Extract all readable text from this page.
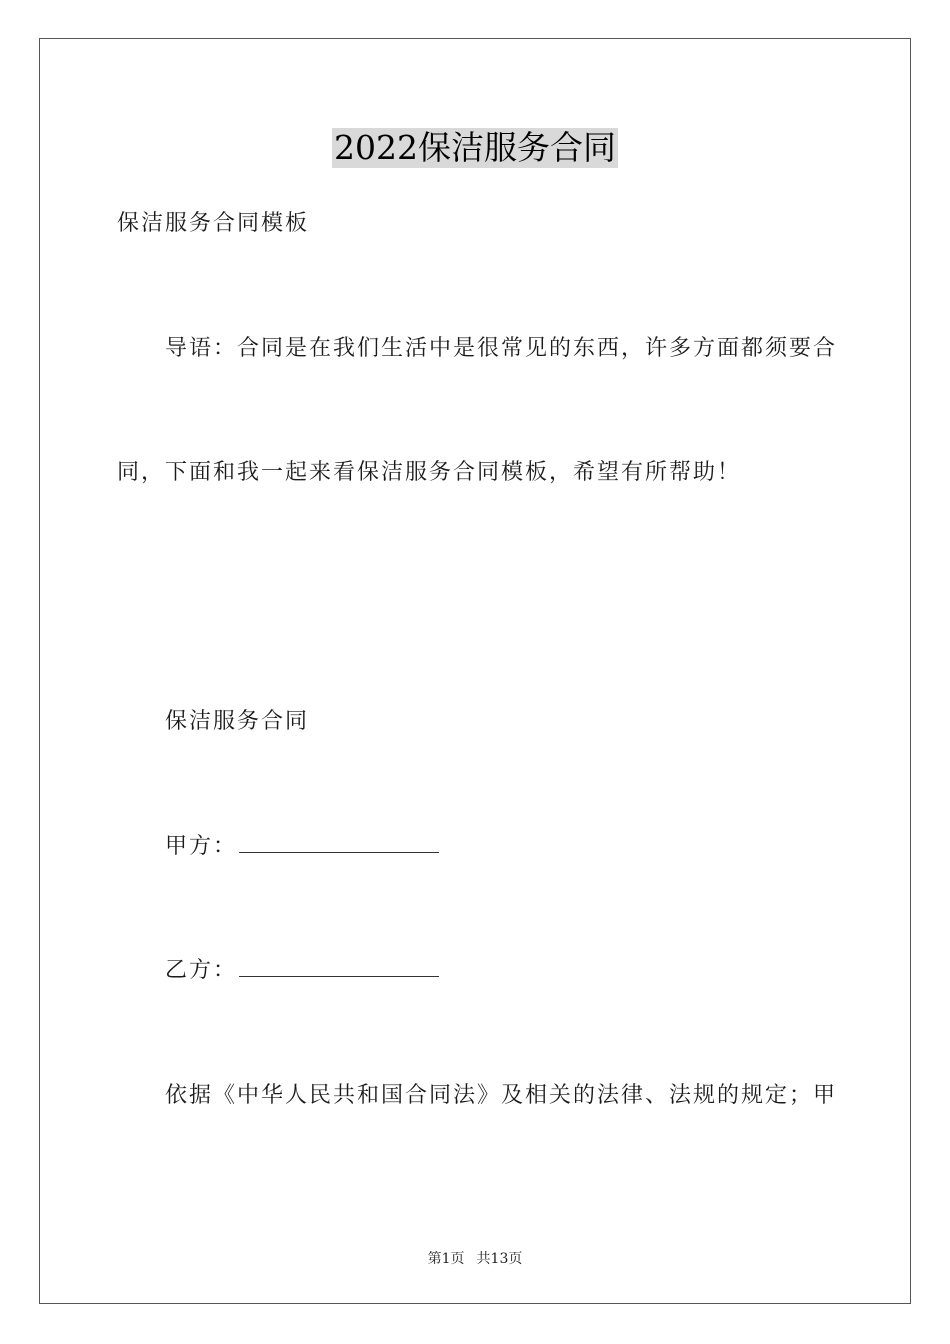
2022保洁服务合同
保洁服务合同模板
导语：合同是在我们生活中是很常见的东西，许多方面都须要合
同，下面和我一起来看保洁服务合同模板，希望有所帮助！
保洁服务合同
甲方：
乙方：
依据《中华人民共和国合同法》及相关的法律、法规的规定；甲
第1页 共13页
